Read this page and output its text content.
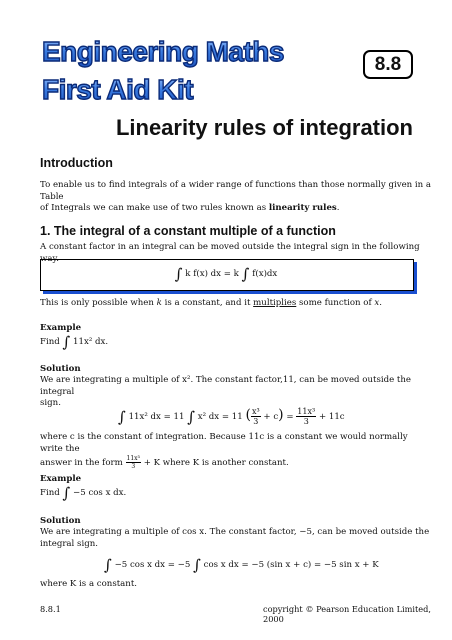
Engineering Maths
First Aid Kit
8.8
Linearity rules of integration
Introduction
To enable us to find integrals of a wider range of functions than those normally given in a Table
of Integrals we can make use of two rules known as linearity rules.
1. The integral of a constant multiple of a function
A constant factor in an integral can be moved outside the integral sign in the following way.
∫ k f(x) dx = k ∫ f(x)dx
This is only possible when k is a constant, and it multiplies some function of x.
Example
Find ∫ 11x² dx.
Solution
We are integrating a multiple of x². The constant factor,11, can be moved outside the integral
sign.
∫ 11x² dx = 11 ∫ x² dx = 11 ( $\frac{\text{x³}}{3} + c) = \frac{\text{11x³}}{3} + 11c$
where c is the constant of integration. Because 11c is a constant we would normally write the
answer in the form $\frac{\text{11x³}}{3} + K$ where K is another constant.
Example
Find ∫ −5 cos x dx.
Solution
We are integrating a multiple of cos x. The constant factor, −5, can be moved outside the
integral sign.
∫ −5 cos x dx = −5 ∫ cos x dx = −5 (sin x + c) = −5 sin x + K
where K is a constant.
8.8.1	copyright © Pearson Education Limited, 2000
